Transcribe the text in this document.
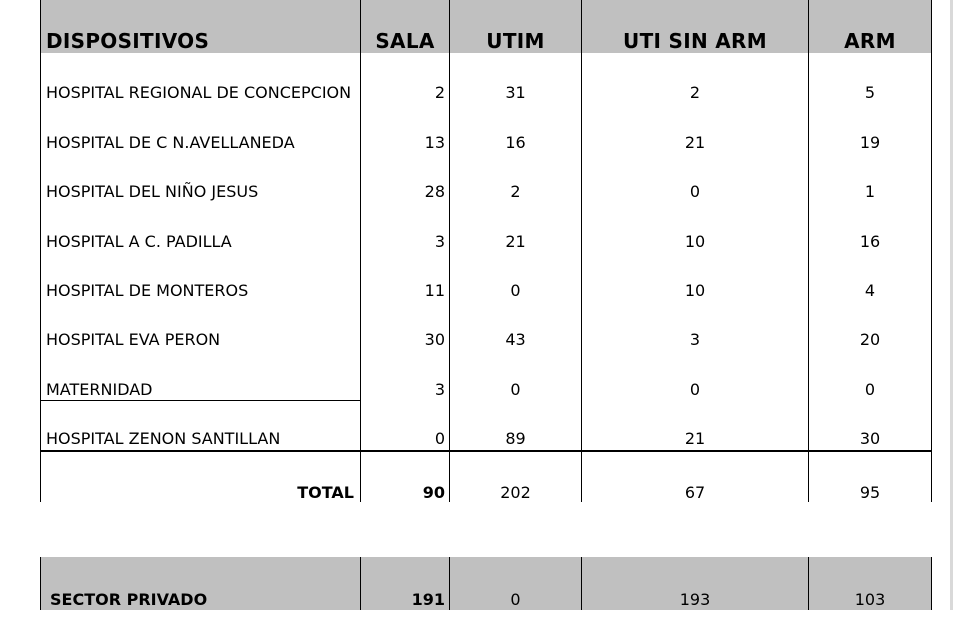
DISPOSITIVOS	SALA	UTIM	UTI SIN ARM	ARM
HOSPITAL REGIONAL DE CONCEPCION	2	31	2	5
HOSPITAL DE C N.AVELLANEDA	13	16	21	19
HOSPITAL DEL NIÑO JESUS	28	2	0	1
HOSPITAL A C. PADILLA	3	21	10	16
HOSPITAL DE MONTEROS	11	0	10	4
HOSPITAL EVA PERON	30	43	3	20
MATERNIDAD	3	0	0	0
HOSPITAL ZENON SANTILLAN	0	89	21	30
TOTAL	90	202	67	95
SECTOR PRIVADO	191	0	193	103
